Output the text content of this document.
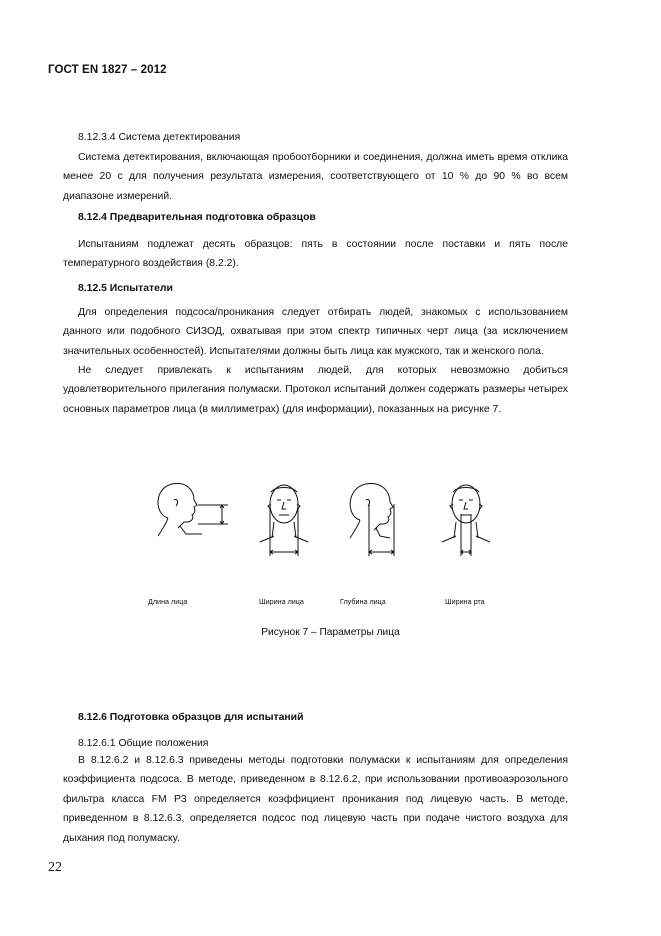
ГОСТ EN 1827 – 2012
8.12.3.4 Система детектирования
Система детектирования, включающая пробоотборники и соединения, должна иметь время отклика менее 20 с для получения результата измерения, соответствующего от 10 % до 90 % во всем диапазоне измерений.
8.12.4 Предварительная подготовка образцов
Испытаниям подлежат десять образцов: пять в состоянии после поставки и пять после температурного воздействия (8.2.2).
8.12.5 Испытатели
Для определения подсоса/проникания следует отбирать людей, знакомых с использованием данного или подобного СИЗОД, охватывая при этом спектр типичных черт лица (за исключением значительных особенностей). Испытателями должны быть лица как мужского, так и женского пола.
Не следует привлекать к испытаниям людей, для которых невозможно добиться удовлетворительного прилегания полумаски. Протокол испытаний должен содержать размеры четырех основных параметров лица (в миллиметрах) (для информации), показанных на рисунке 7.
Длина лица	Ширина лица	Глубина лица	Ширина рта
Рисунок 7 – Параметры лица
8.12.6 Подготовка образцов для испытаний
8.12.6.1 Общие положения
В 8.12.6.2 и 8.12.6.3 приведены методы подготовки полумаски к испытаниям для определения коэффициента подсоса. В методе, приведенном в 8.12.6.2, при использовании противоаэрозольного фильтра класса FM P3 определяется коэффициент проникания под лицевую часть. В методе, приведенном в 8.12.6.3, определяется подсос под лицевую часть при подаче чистого воздуха для дыхания под полумаску.
22
